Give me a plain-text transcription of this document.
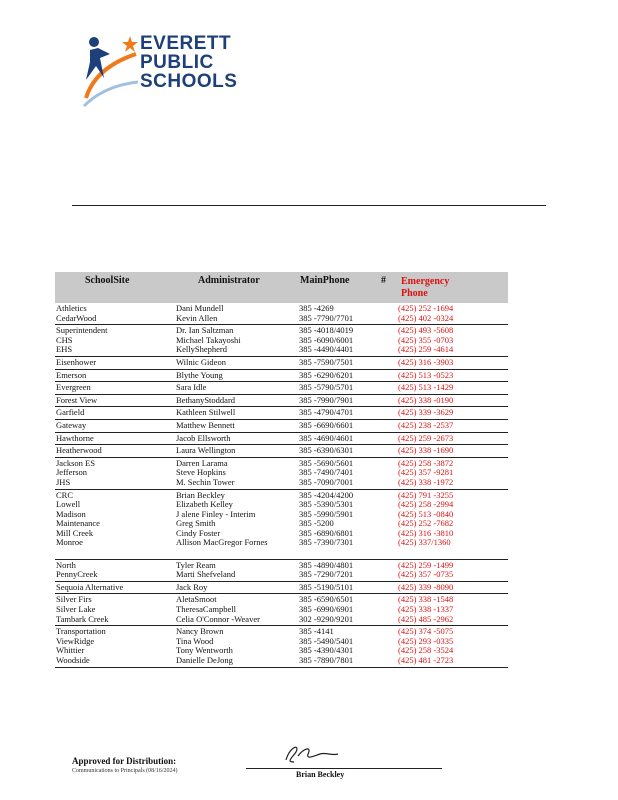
EVERETT
PUBLIC
SCHOOLS
SchoolSite	Administrator	MainPhone	# Emergency Phone
Athletics	Dani Mundell	385 -4269	(425) 252 -1694
CedarWood	Kevin Allen	385 -7790/7701	(425) 402 -0324
Superintendent	Dr. Ian Saltzman	385 -4018/4019	(425) 493 -5608
CHS	Michael Takayoshi	385 -6090/6001	(425) 355 -0703
EHS	KellyShepherd	385 -4490/4401	(425) 259 -4614
Eisenhower	Wilnic Gideon	385 -7590/7501	(425) 316 -3903
Emerson	Blythe Young	385 -6290/6201	(425) 513 -0523
Evergreen	Sara Idle	385 -5790/5701	(425) 513 -1429
Forest View	BethanyStoddard	385 -7990/7901	(425) 338 -0190
Garfield	Kathleen Stilwell	385 -4790/4701	(425) 339 -3629
Gateway	Matthew Bennett	385 -6690/6601	(425) 238 -2537
Hawthorne	Jacob Ellsworth	385 -4690/4601	(425) 259 -2673
Heatherwood	Laura Wellington	385 -6390/6301	(425) 338 -1690
Jackson ES	Darren Larama	385 -5690/5601	(425) 258 -3872
Jefferson	Steve Hopkins	385 -7490/7401	(425) 357 -9281
JHS	M. Sechin Tower	385 -7090/7001	(425) 338 -1972
CRC	Brian Beckley	385 -4204/4200	(425) 791 -3255
Lowell	Elizabeth Kelley	385 -5390/5301	(425) 258 -2994
Madison	J alene Finley - Interim	385 -5990/5901	(425) 513 -0840
Maintenance	Greg Smith	385 -5200	(425) 252 -7682
Mill Creek	Cindy Foster	385 -6890/6801	(425) 316 -3810
Monroe	Allison MacGregor Fornes	385 -7390/7301	(425) 337/1360
North	Tyler Ream	385 -4890/4801	(425) 259 -1499
PennyCreek	Marti Shefveland	385 -7290/7201	(425) 357 -0735
Sequoia Alternative	Jack Roy	385 -5190/5101	(425) 339 -8090
Silver Firs	AletaSmoot	385 -6590/6501	(425) 338 -1548
Silver Lake	TheresaCampbell	385 -6990/6901	(425) 338 -1337
Tambark Creek	Celia O'Connor -Weaver	302 -9290/9201	(425) 485 -2962
Transportation	Nancy Brown	385 -4141	(425) 374 -5075
ViewRidge	Tina Wood	385 -5490/5401	(425) 293 -0335
Whittier	Tony Wentworth	385 -4390/4301	(425) 258 -3524
Woodside	Danielle DeJong	385 -7890/7801	(425) 481 -2723
Approved for Distribution:
Communications to Principals (08/16/2024)	Brian Beckley
